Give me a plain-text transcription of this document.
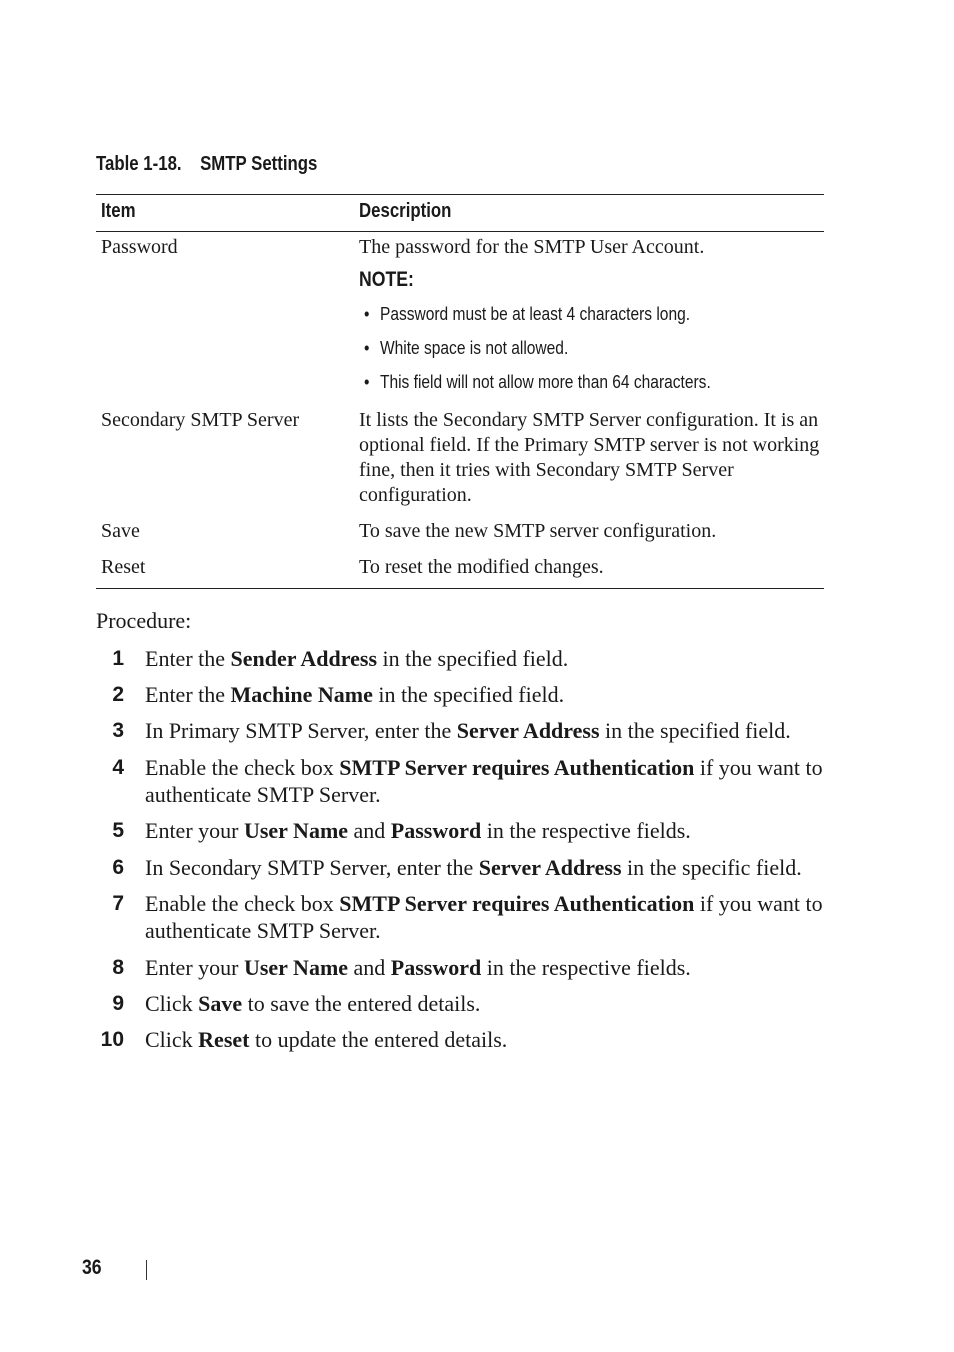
Table 1-18. SMTP Settings
Item	Description
Password	The password for the SMTP User Account.
NOTE:
• Password must be at least 4 characters long.
• White space is not allowed.
• This field will not allow more than 64 characters.
Secondary SMTP Server	It lists the Secondary SMTP Server configuration. It is an optional field. If the Primary SMTP server is not working fine, then it tries with Secondary SMTP Server configuration.
Save	To save the new SMTP server configuration.
Reset	To reset the modified changes.
Procedure:
1 Enter the Sender Address in the specified field.
2 Enter the Machine Name in the specified field.
3 In Primary SMTP Server, enter the Server Address in the specified field.
4 Enable the check box SMTP Server requires Authentication if you want to authenticate SMTP Server.
5 Enter your User Name and Password in the respective fields.
6 In Secondary SMTP Server, enter the Server Address in the specific field.
7 Enable the check box SMTP Server requires Authentication if you want to authenticate SMTP Server.
8 Enter your User Name and Password in the respective fields.
9 Click Save to save the entered details.
10 Click Reset to update the entered details.
36
